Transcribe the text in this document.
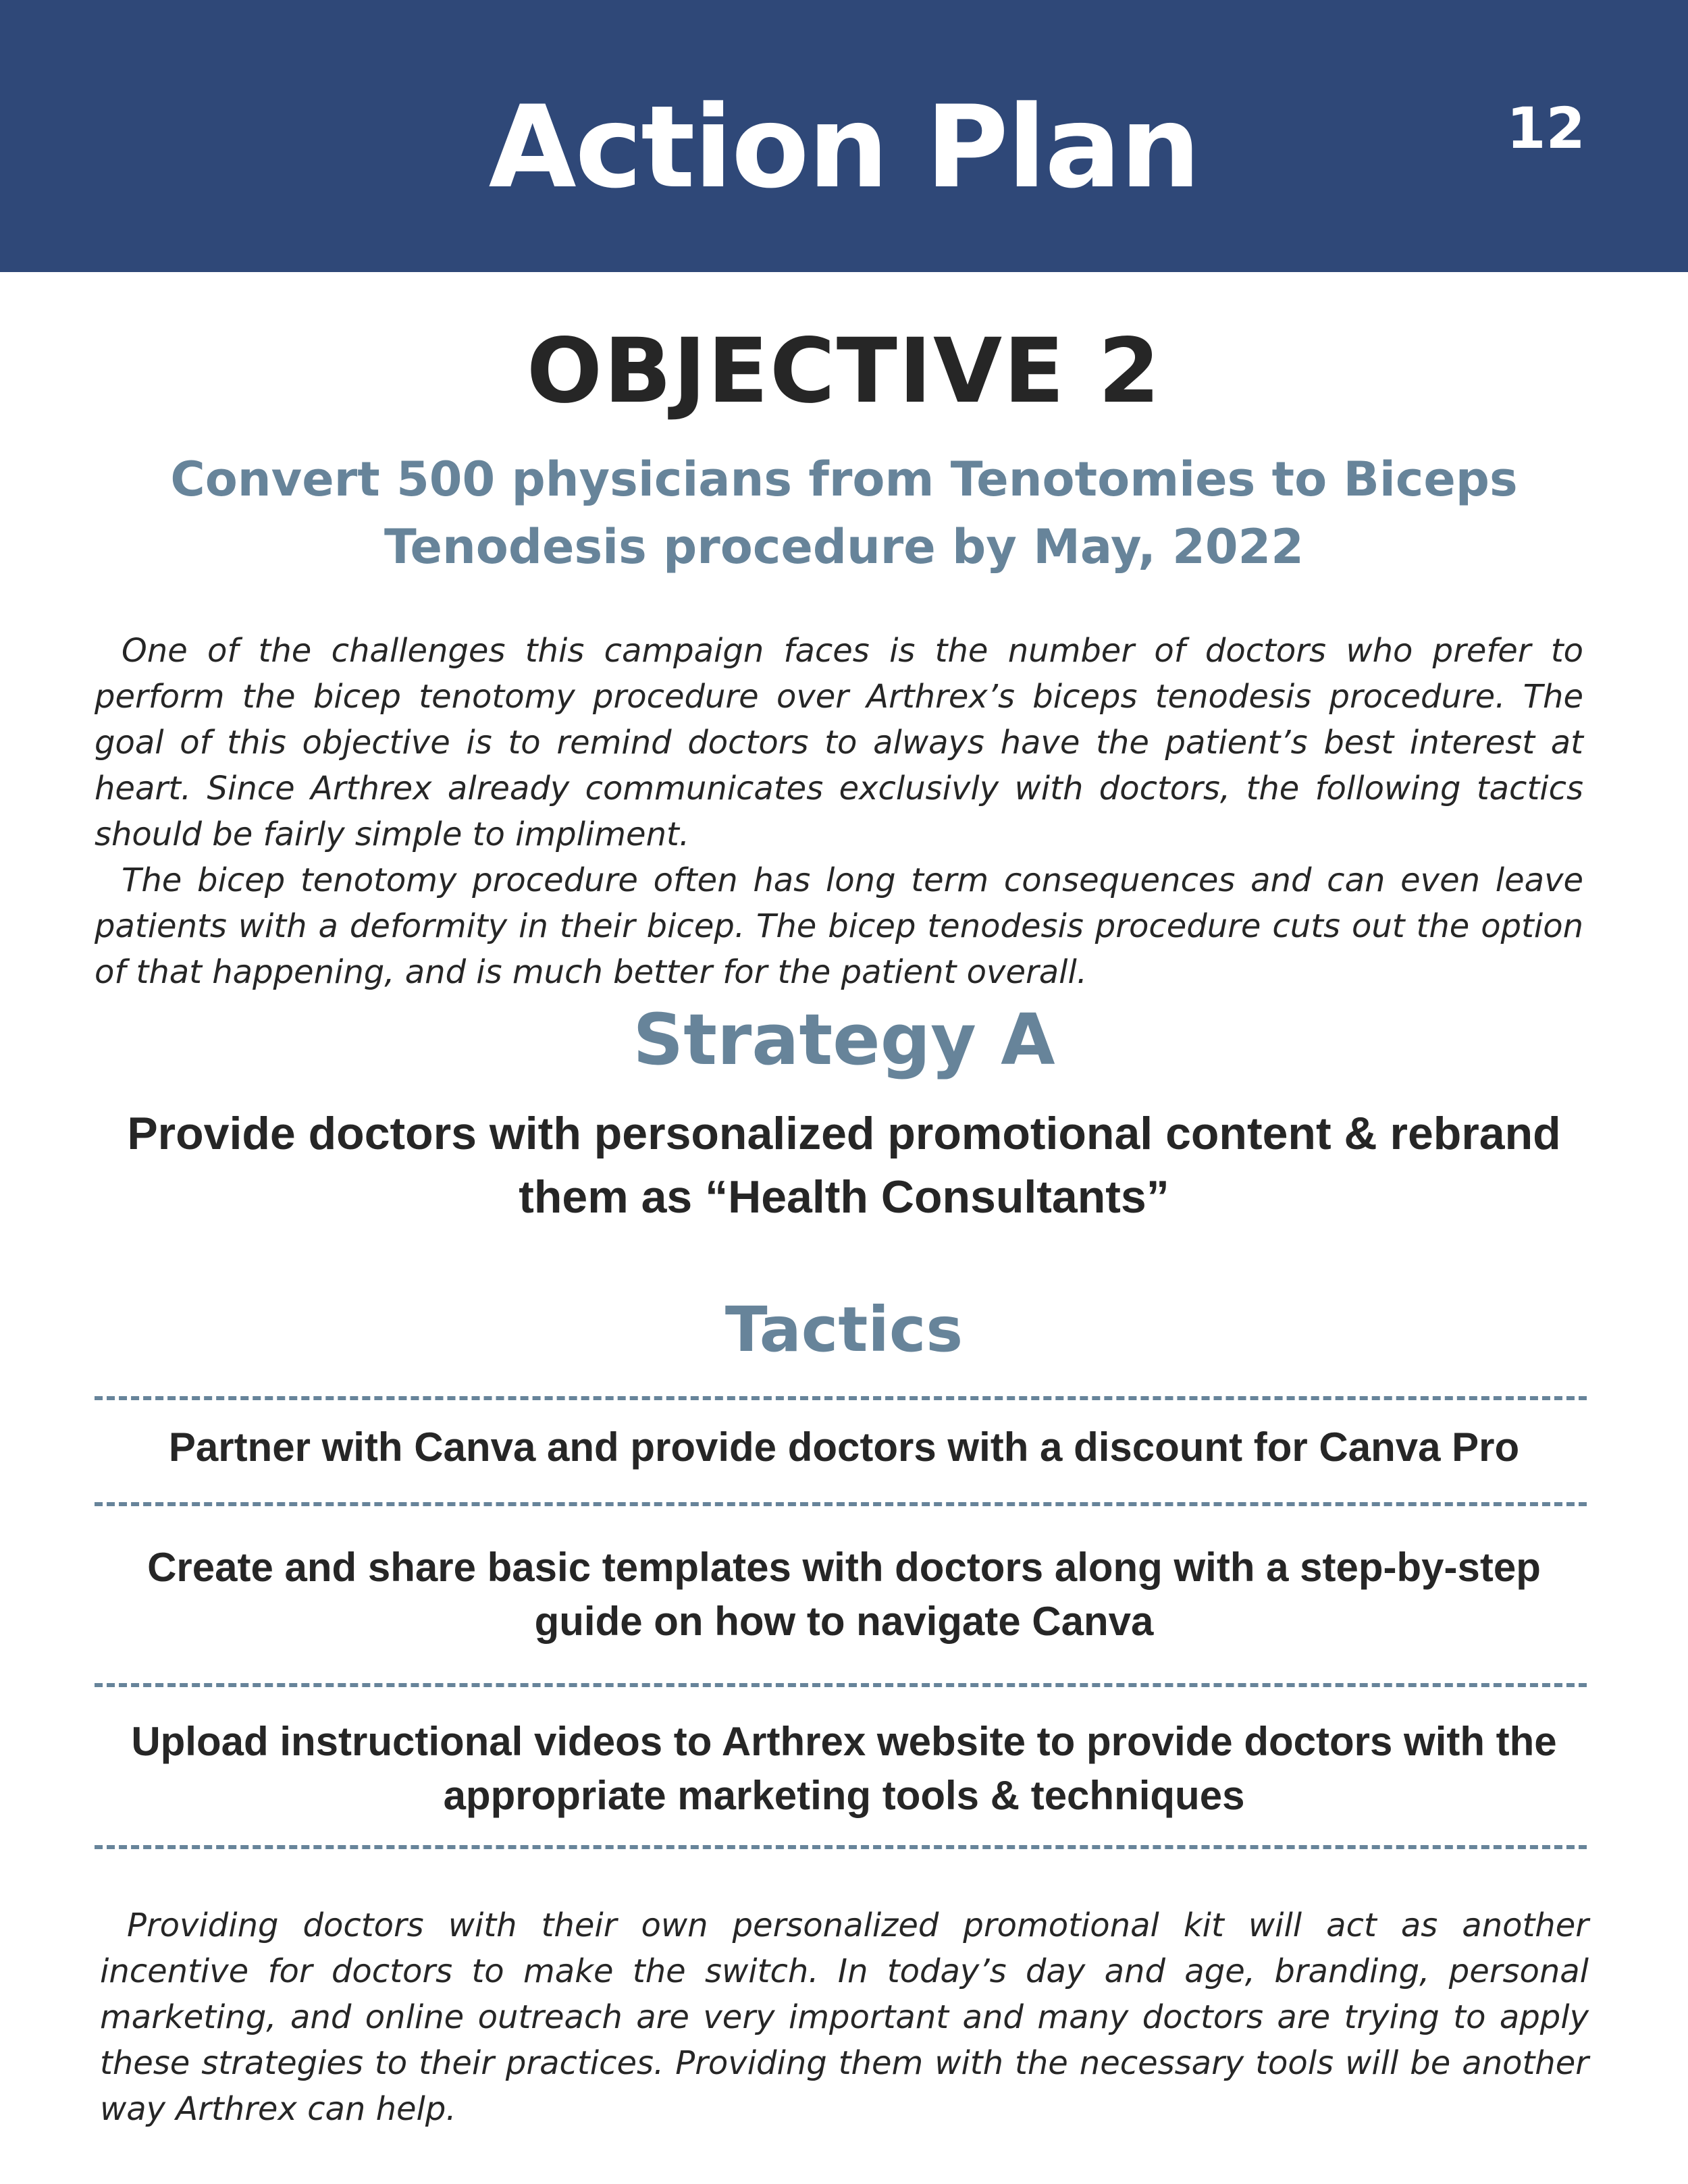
Action Plan	12
OBJECTIVE 2
Convert 500 physicians from Tenotomies to Biceps Tenodesis procedure by May, 2022

One of the challenges this campaign faces is the number of doctors who prefer to perform the bicep tenotomy procedure over Arthrex’s biceps tenodesis procedure. The goal of this objective is to remind doctors to always have the patient’s best interest at heart. Since Arthrex already communicates exclusivly with doctors, the following tactics should be fairly simple to impliment.

The bicep tenotomy procedure often has long term consequences and can even leave patients with a deformity in their bicep. The bicep tenodesis procedure cuts out the option of that happening, and is much better for the patient overall.

Strategy A
Provide doctors with personalized promotional content & rebrand them as “Health Consultants”
Tactics
Partner with Canva and provide doctors with a discount for Canva Pro
Create and share basic templates with doctors along with a step-by-step guide on how to navigate Canva
Upload instructional videos to Arthrex website to provide doctors with the appropriate marketing tools & techniques

Providing doctors with their own personalized promotional kit will act as another incentive for doctors to make the switch. In today’s day and age, branding, personal marketing, and online outreach are very important and many doctors are trying to apply these strategies to their practices. Providing them with the necessary tools will be another way Arthrex can help.
